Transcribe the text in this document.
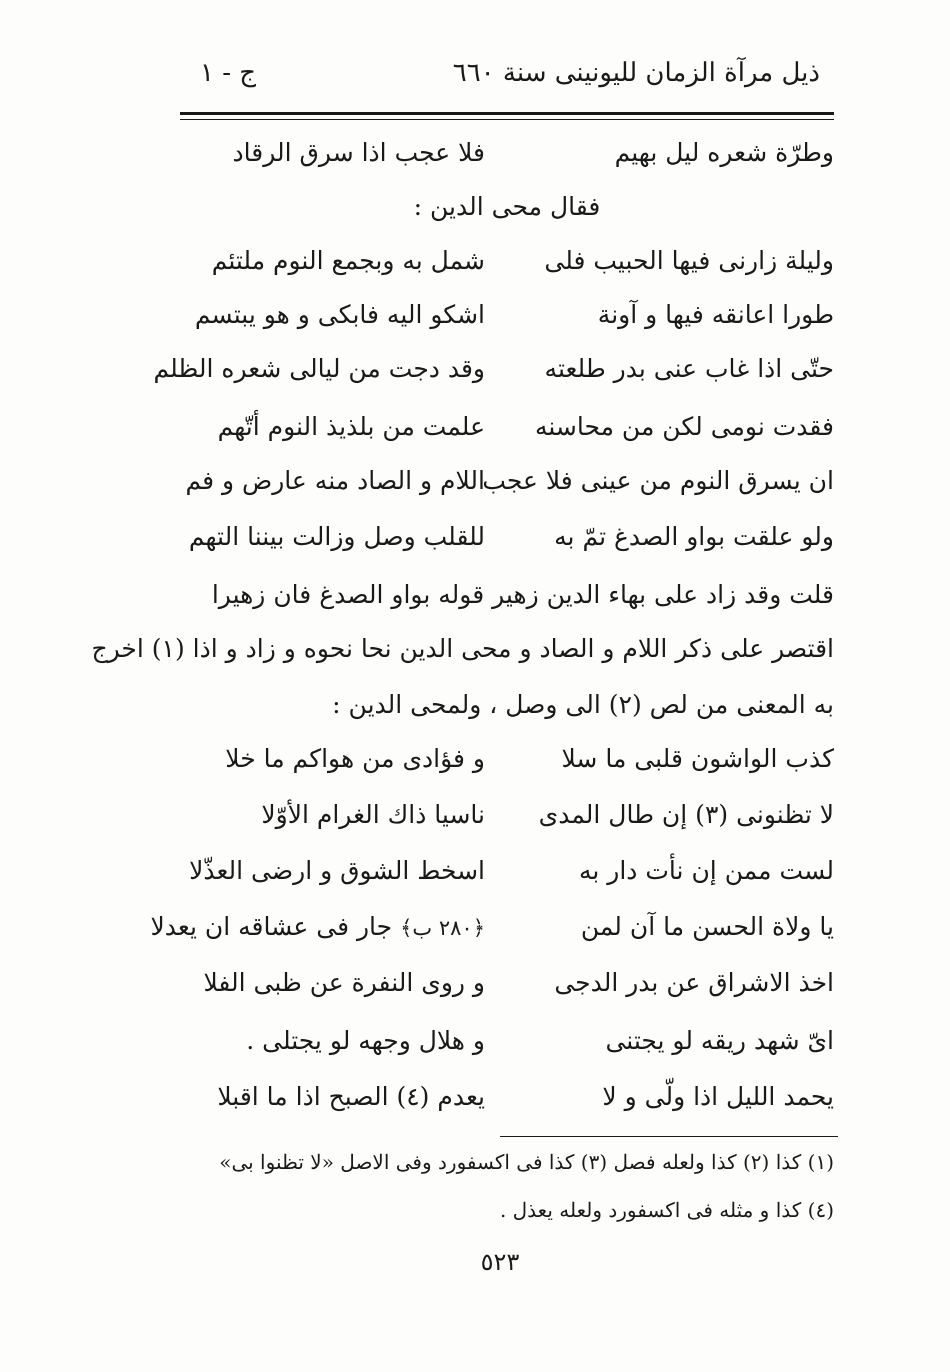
ذيل مرآة الزمان لليونينى سنة ٦٦٠
ج - ١
وطرّة شعره ليل بهيم
فلا عجب اذا سرق الرقاد
فقال محى الدين :
وليلة زارنى فيها الحبيب فلى
شمل به وبجمع النوم ملتئم
طورا اعانقه فيها و آونة
اشكو اليه فابكى و هو يبتسم
حتّى اذا غاب عنى بدر طلعته
وقد دجت من ليالى شعره الظلم
فقدت نومى لكن من محاسنه
علمت من بلذيذ النوم أتّهم
ان يسرق النوم من عينى فلا عجب
اللام و الصاد منه عارض و فم
ولو علقت بواو الصدغ تمّ به
للقلب وصل وزالت بيننا التهم
قلت وقد زاد على بهاء الدين زهير قوله بواو الصدغ فان زهيرا
اقتصر على ذكر اللام و الصاد و محى الدين نحا نحوه و زاد و اذا (١) اخرج
به المعنى من لص (٢) الى وصل ، ولمحى الدين :
كذب الواشون قلبى ما سلا
و فؤادى من هواكم ما خلا
لا تظنونى (٣) إن طال المدى
ناسيا ذاك الغرام الأوّلا
لست ممن إن نأت دار به
اسخط الشوق و ارضى العذّلا
يا ولاة الحسن ما آن لمن
﴿٢٨٠ ب﴾ جار فى عشاقه ان يعدلا
اخذ الاشراق عن بدر الدجى
و روى النفرة عن ظبى الفلا
اىّ شهد ريقه لو يجتنى
و هلال وجهه لو يجتلى .
يحمد الليل اذا ولّى و لا
يعدم (٤) الصبح اذا ما اقبلا
(١) كذا (٢) كذا ولعله فصل (٣) كذا فى اكسفورد وفى الاصل «لا تظنوا بى»
(٤) كذا و مثله فى اكسفورد ولعله يعذل .
٥٢٣
